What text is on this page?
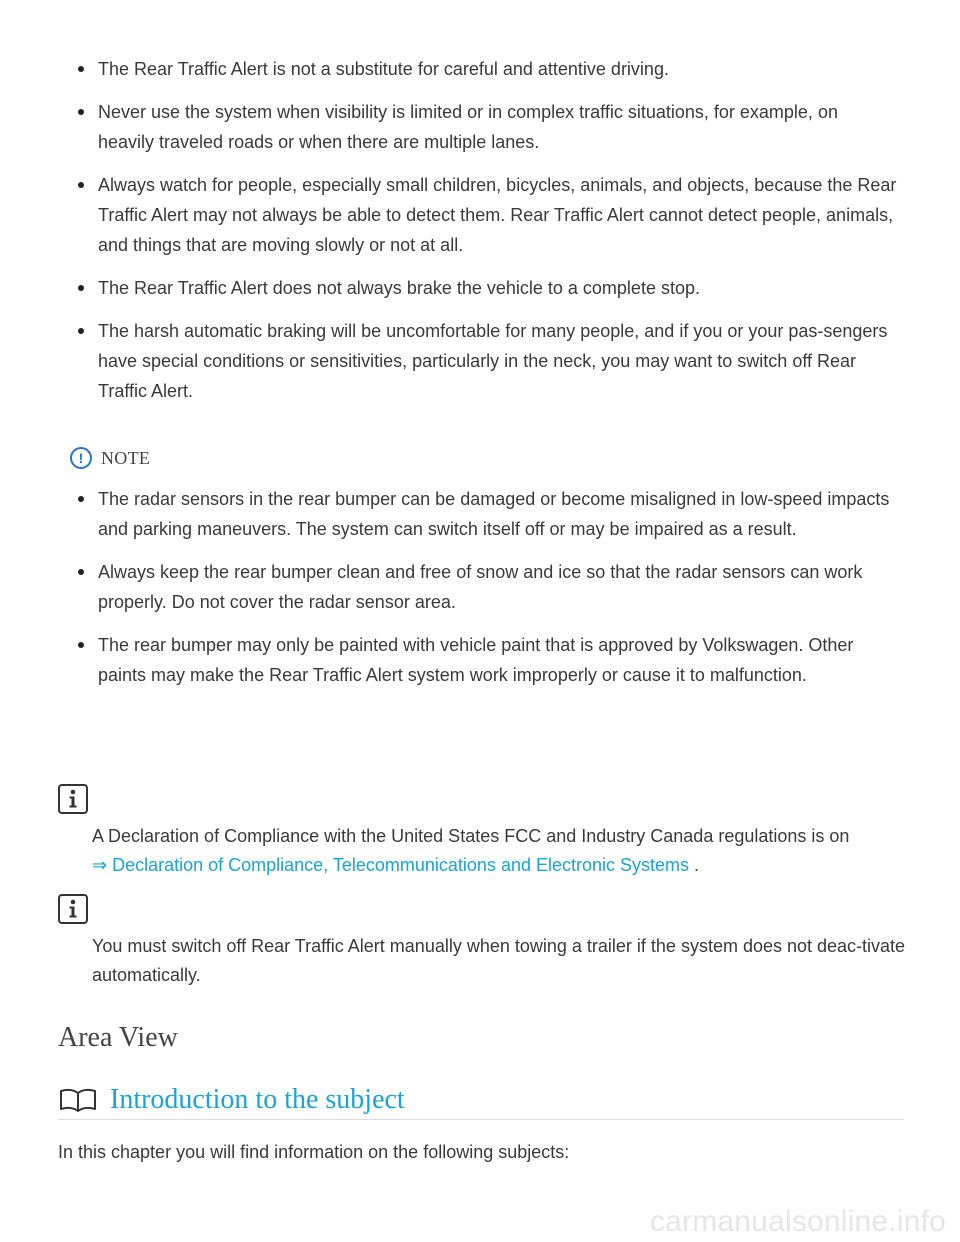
The Rear Traffic Alert is not a substitute for careful and attentive driving.
Never use the system when visibility is limited or in complex traffic situations, for example, on heavily traveled roads or when there are multiple lanes.
Always watch for people, especially small children, bicycles, animals, and objects, because the Rear Traffic Alert may not always be able to detect them. Rear Traffic Alert cannot detect people, animals, and things that are moving slowly or not at all.
The Rear Traffic Alert does not always brake the vehicle to a complete stop.
The harsh automatic braking will be uncomfortable for many people, and if you or your pas-sengers have special conditions or sensitivities, particularly in the neck, you may want to switch off Rear Traffic Alert.
! NOTE
The radar sensors in the rear bumper can be damaged or become misaligned in low-speed impacts and parking maneuvers. The system can switch itself off or may be impaired as a result.
Always keep the rear bumper clean and free of snow and ice so that the radar sensors can work properly. Do not cover the radar sensor area.
The rear bumper may only be painted with vehicle paint that is approved by Volkswagen. Other paints may make the Rear Traffic Alert system work improperly or cause it to malfunction.
A Declaration of Compliance with the United States FCC and Industry Canada regulations is on
⇒ Declaration of Compliance, Telecommunications and Electronic Systems .
You must switch off Rear Traffic Alert manually when towing a trailer if the system does not deac-tivate automatically.
Area View
Introduction to the subject
In this chapter you will find information on the following subjects:
carmanualsonline.info
